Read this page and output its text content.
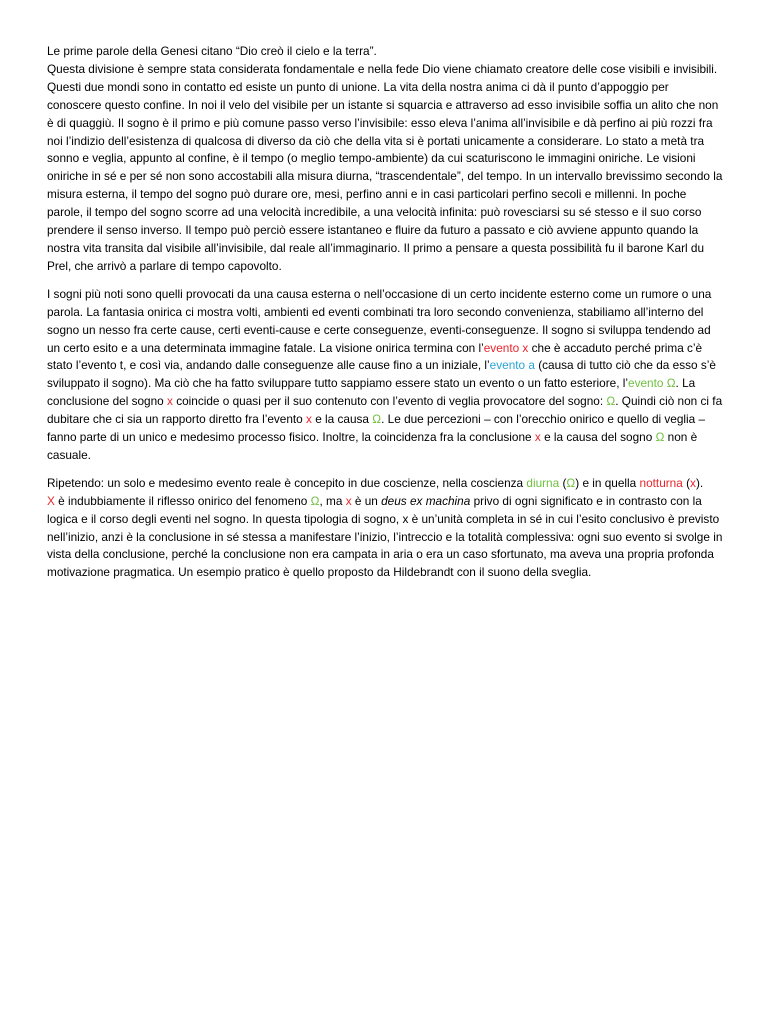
Le prime parole della Genesi citano “Dio creò il cielo e la terra”.
Questa divisione è sempre stata considerata fondamentale e nella fede Dio viene chiamato creatore delle cose visibili e invisibili. Questi due mondi sono in contatto ed esiste un punto di unione. La vita della nostra anima ci dà il punto d’appoggio per conoscere questo confine. In noi il velo del visibile per un istante si squarcia e attraverso ad esso invisibile soffia un alito che non è di quaggiù. Il sogno è il primo e più comune passo verso l’invisibile: esso eleva l’anima all’invisibile e dà perfino ai più rozzi fra noi l’indizio dell’esistenza di qualcosa di diverso da ciò che della vita si è portati unicamente a considerare. Lo stato a metà tra sonno e veglia, appunto al confine, è il tempo (o meglio tempo-ambiente) da cui scaturiscono le immagini oniriche. Le visioni oniriche in sé e per sé non sono accostabili alla misura diurna, “trascendentale”, del tempo. In un intervallo brevissimo secondo la misura esterna, il tempo del sogno può durare ore, mesi, perfino anni e in casi particolari perfino secoli e millenni. In poche parole, il tempo del sogno scorre ad una velocità incredibile, a una velocità infinita: può rovesciarsi su sé stesso e il suo corso prendere il senso inverso. Il tempo può perciò essere istantaneo e fluire da futuro a passato e ciò avviene appunto quando la nostra vita transita dal visibile all’invisibile, dal reale all’immaginario. Il primo a pensare a questa possibilità fu il barone Karl du Prel, che arrivò a parlare di tempo capovolto.

I sogni più noti sono quelli provocati da una causa esterna o nell’occasione di un certo incidente esterno come un rumore o una parola. La fantasia onirica ci mostra volti, ambienti ed eventi combinati tra loro secondo convenienza, stabiliamo all’interno del sogno un nesso fra certe cause, certi eventi-cause e certe conseguenze, eventi-conseguenze. Il sogno si sviluppa tendendo ad un certo esito e a una determinata immagine fatale. La visione onirica termina con l’evento x che è accaduto perché prima c’è stato l’evento t, e così via, andando dalle conseguenze alle cause fino a un iniziale, l’evento a (causa di tutto ciò che da esso s’è sviluppato il sogno). Ma ciò che ha fatto sviluppare tutto sappiamo essere stato un evento o un fatto esteriore, l’evento Ω. La conclusione del sogno x coincide o quasi per il suo contenuto con l’evento di veglia provocatore del sogno: Ω. Quindi ciò non ci fa dubitare che ci sia un rapporto diretto fra l’evento x e la causa Ω. Le due percezioni – con l’orecchio onirico e quello di veglia – fanno parte di un unico e medesimo processo fisico. Inoltre, la coincidenza fra la conclusione x e la causa del sogno Ω non è casuale.

Ripetendo: un solo e medesimo evento reale è concepito in due coscienze, nella coscienza diurna (Ω) e in quella notturna (x).
X è indubbiamente il riflesso onirico del fenomeno Ω, ma x è un deus ex machina privo di ogni significato e in contrasto con la logica e il corso degli eventi nel sogno. In questa tipologia di sogno, x è un’unità completa in sé in cui l’esito conclusivo è previsto nell’inizio, anzi è la conclusione in sé stessa a manifestare l’inizio, l’intreccio e la totalità complessiva: ogni suo evento si svolge in vista della conclusione, perché la conclusione non era campata in aria o era un caso sfortunato, ma aveva una propria profonda motivazione pragmatica. Un esempio pratico è quello proposto da Hildebrandt con il suono della sveglia.
